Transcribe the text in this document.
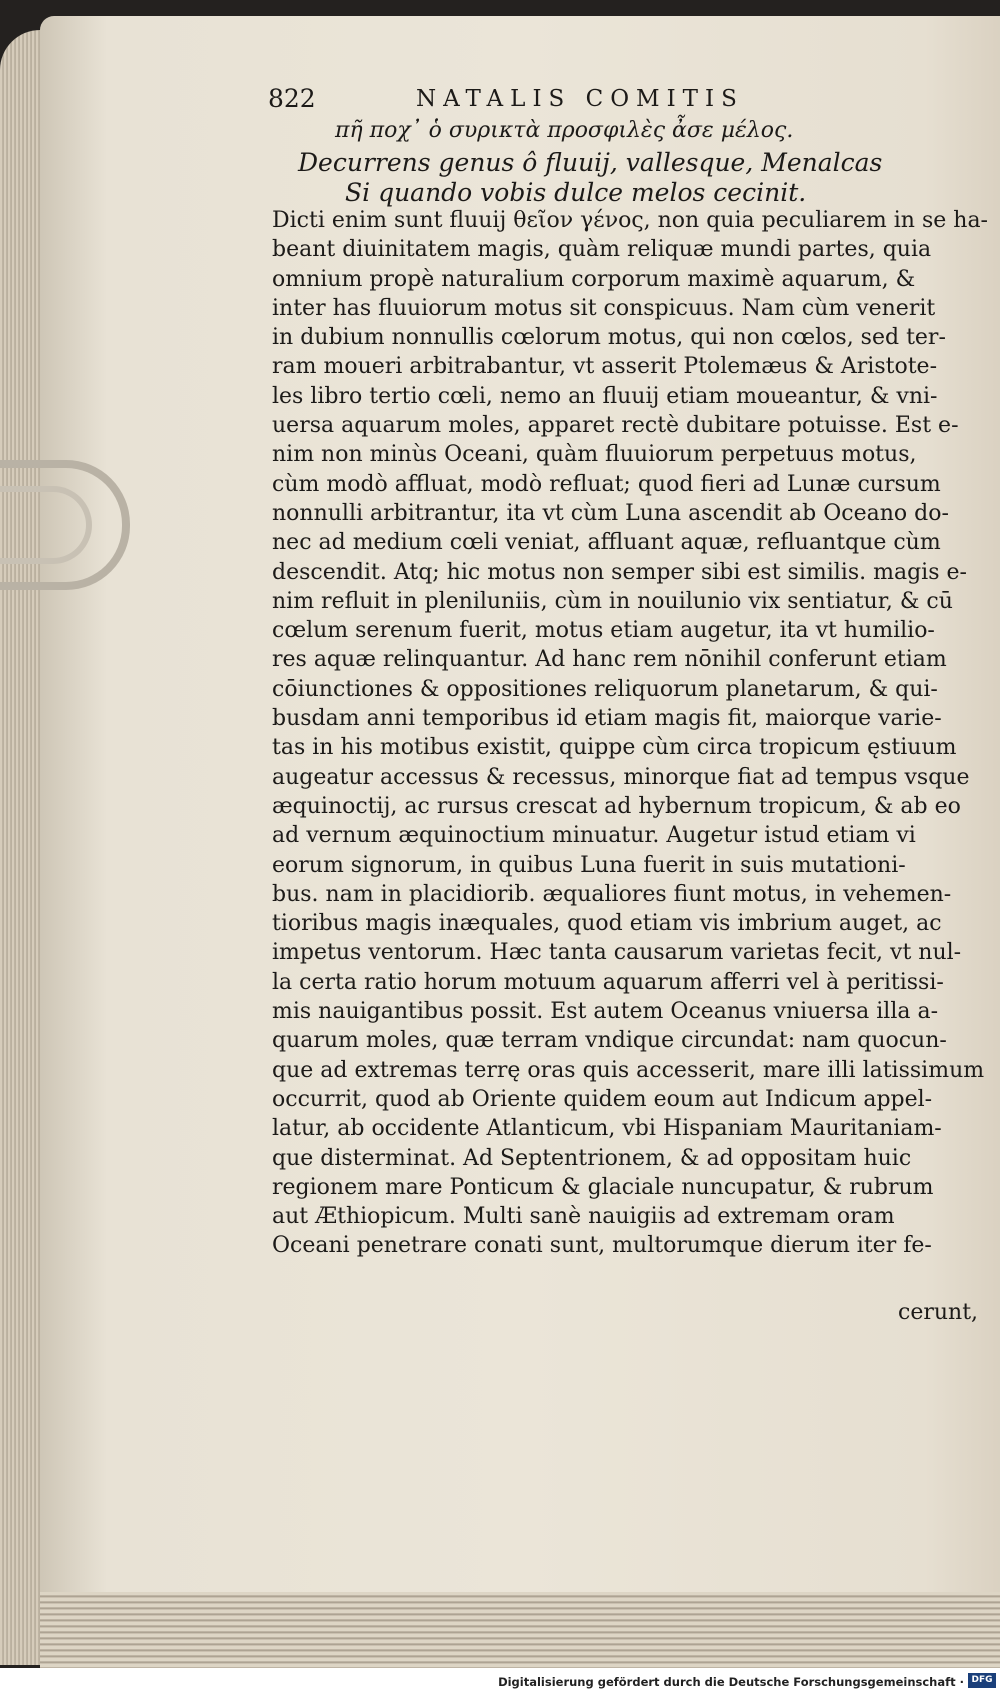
822	NATALIS COMITIS
πῆ ποχ᾽ ὁ συρικτὰ προσφιλὲς ἆσε μέλος.
Decurrens genus ô fluuij, vallesque, Menalcas
Si quando vobis dulce melos cecinit.
Dicti enim sunt fluuij θεῖον γένος, non quia peculiarem in se ha-
beant diuinitatem magis, quàm reliquæ mundi partes, quia
omnium propè naturalium corporum maximè aquarum, &
inter has fluuiorum motus sit conspicuus. Nam cùm venerit
in dubium nonnullis cœlorum motus, qui non cœlos, sed ter-
ram moueri arbitrabantur, vt asserit Ptolemæus & Aristote-
les libro tertio cœli, nemo an fluuij etiam moueantur, & vni-
uersa aquarum moles, apparet rectè dubitare potuisse. Est e-
nim non minùs Oceani, quàm fluuiorum perpetuus motus,
cùm modò affluat, modò refluat; quod fieri ad Lunæ cursum
nonnulli arbitrantur, ita vt cùm Luna ascendit ab Oceano do-
nec ad medium cœli veniat, affluant aquæ, refluantque cùm
descendit. Atq; hic motus non semper sibi est similis. magis e-
nim refluit in pleniluniis, cùm in nouilunio vix sentiatur, & cū
cœlum serenum fuerit, motus etiam augetur, ita vt humilio-
res aquæ relinquantur. Ad hanc rem nōnihil conferunt etiam
cōiunctiones & oppositiones reliquorum planetarum, & qui-
busdam anni temporibus id etiam magis fit, maiorque varie-
tas in his motibus existit, quippe cùm circa tropicum ęstiuum
augeatur accessus & recessus, minorque fiat ad tempus vsque
æquinoctij, ac rursus crescat ad hybernum tropicum, & ab eo
ad vernum æquinoctium minuatur. Augetur istud etiam vi
eorum signorum, in quibus Luna fuerit in suis mutationi-
bus. nam in placidiorib. æqualiores fiunt motus, in vehemen-
tioribus magis inæquales, quod etiam vis imbrium auget, ac
impetus ventorum. Hæc tanta causarum varietas fecit, vt nul-
la certa ratio horum motuum aquarum afferri vel à peritissi-
mis nauigantibus possit. Est autem Oceanus vniuersa illa a-
quarum moles, quæ terram vndique circundat: nam quocun-
que ad extremas terrę oras quis accesserit, mare illi latissimum
occurrit, quod ab Oriente quidem eoum aut Indicum appel-
latur, ab occidente Atlanticum, vbi Hispaniam Mauritaniam-
que disterminat. Ad Septentrionem, & ad oppositam huic
regionem mare Ponticum & glaciale nuncupatur, & rubrum
aut Æthiopicum. Multi sanè nauigiis ad extremam oram
Oceani penetrare conati sunt, multorumque dierum iter fe-
cerunt,
Digitalisierung gefördert durch die Deutsche Forschungsgemeinschaft · DFG
